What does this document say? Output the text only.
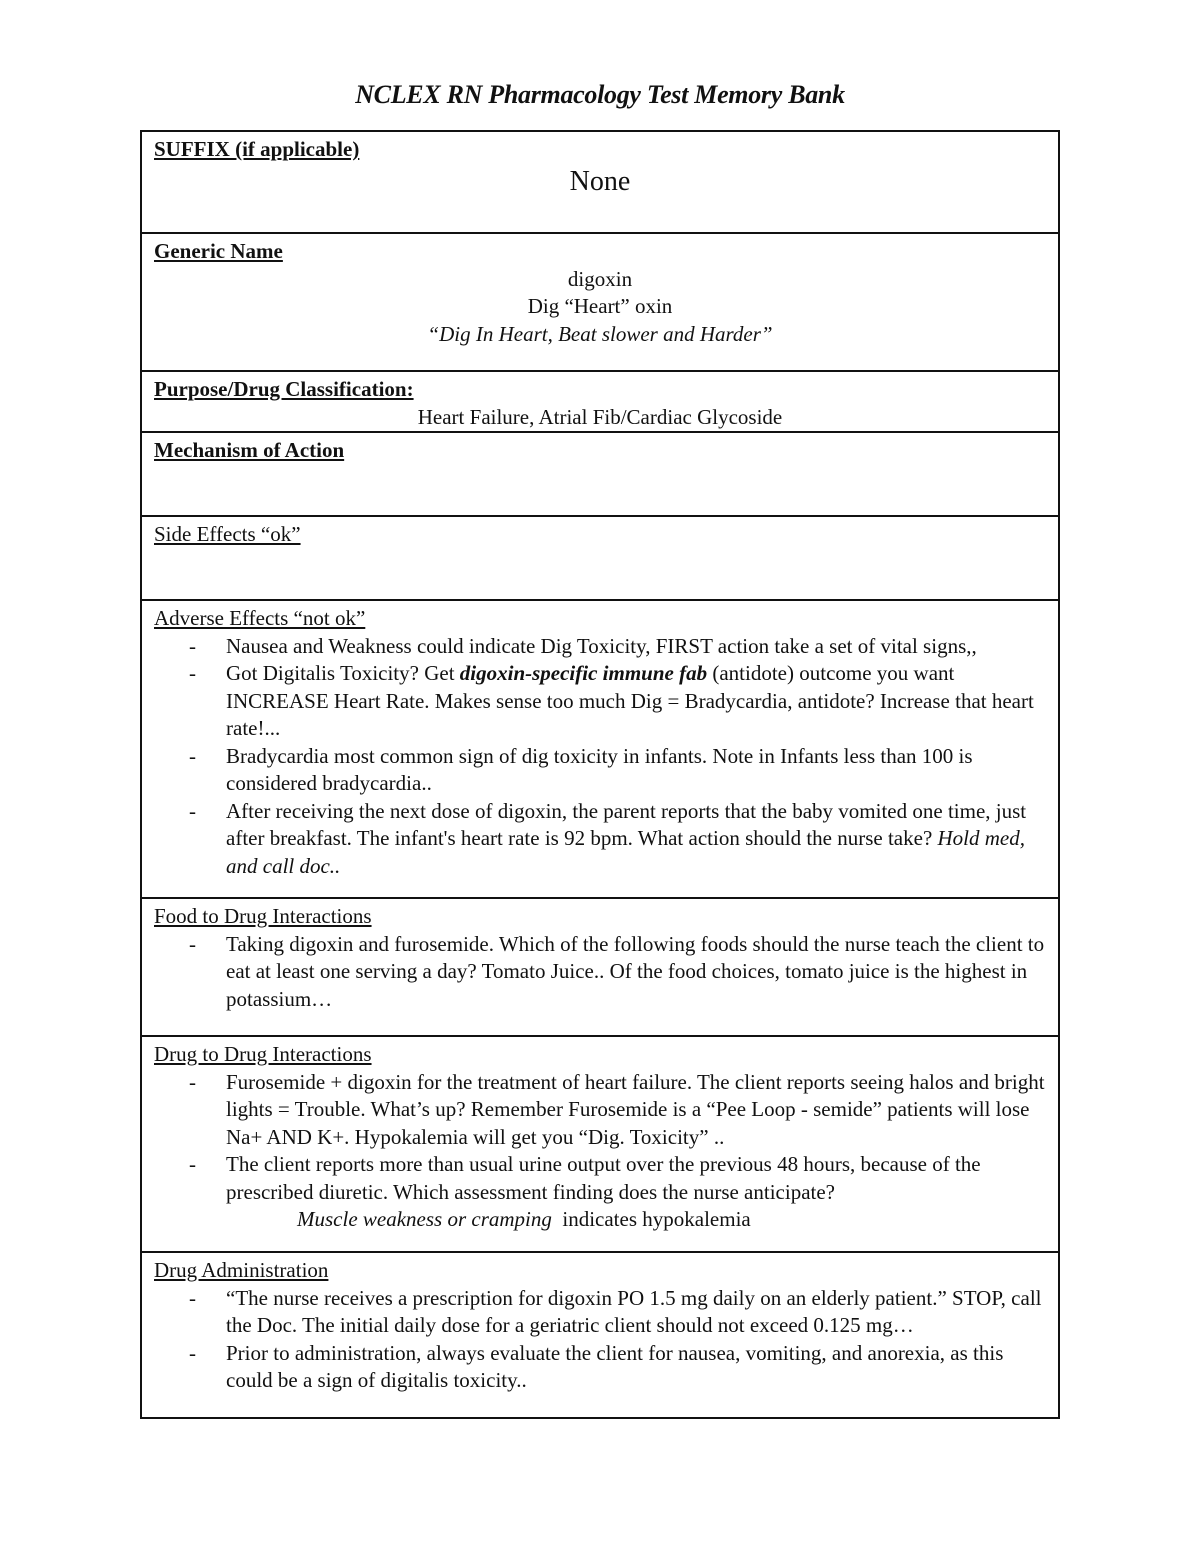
NCLEX RN Pharmacology Test Memory Bank
SUFFIX (if applicable)
None

Generic Name
digoxin
Dig “Heart” oxin
“Dig In Heart, Beat slower and Harder”

Purpose/Drug Classification:
Heart Failure, Atrial Fib/Cardiac Glycoside

Mechanism of Action

Side Effects “ok”

Adverse Effects “not ok”
- Nausea and Weakness could indicate Dig Toxicity, FIRST action take a set of vital signs,,
- Got Digitalis Toxicity? Get digoxin-specific immune fab (antidote) outcome you want INCREASE Heart Rate. Makes sense too much Dig = Bradycardia, antidote? Increase that heart rate!...
- Bradycardia most common sign of dig toxicity in infants. Note in Infants less than 100 is considered bradycardia..
- After receiving the next dose of digoxin, the parent reports that the baby vomited one time, just after breakfast. The infant's heart rate is 92 bpm. What action should the nurse take? Hold med, and call doc..

Food to Drug Interactions
- Taking digoxin and furosemide. Which of the following foods should the nurse teach the client to eat at least one serving a day? Tomato Juice.. Of the food choices, tomato juice is the highest in potassium…

Drug to Drug Interactions
- Furosemide + digoxin for the treatment of heart failure. The client reports seeing halos and bright lights = Trouble. What’s up? Remember Furosemide is a “Pee Loop - semide” patients will lose Na+ AND K+. Hypokalemia will get you “Dig. Toxicity” ..
- The client reports more than usual urine output over the previous 48 hours, because of the prescribed diuretic. Which assessment finding does the nurse anticipate?
Muscle weakness or cramping  indicates hypokalemia

Drug Administration
- “The nurse receives a prescription for digoxin PO 1.5 mg daily on an elderly patient.” STOP, call the Doc. The initial daily dose for a geriatric client should not exceed 0.125 mg…
- Prior to administration, always evaluate the client for nausea, vomiting, and anorexia, as this could be a sign of digitalis toxicity..
